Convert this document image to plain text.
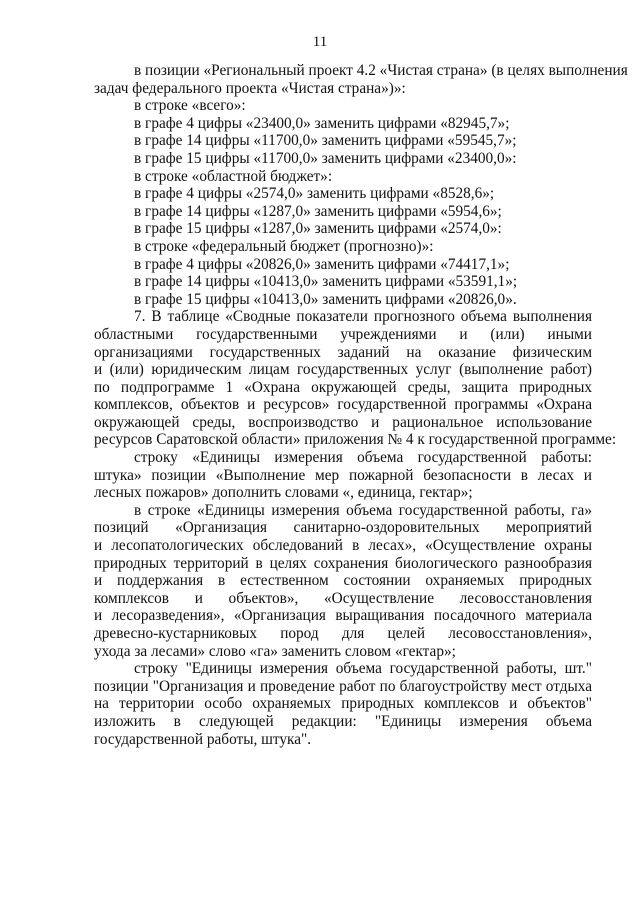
11
в позиции «Региональный проект 4.2 «Чистая страна» (в целях выполнения
задач федерального проекта «Чистая страна»)»:
в строке «всего»:
в графе 4 цифры «23400,0» заменить цифрами «82945,7»;
в графе 14 цифры «11700,0» заменить цифрами «59545,7»;
в графе 15 цифры «11700,0» заменить цифрами «23400,0»:
в строке «областной бюджет»:
в графе 4 цифры «2574,0» заменить цифрами «8528,6»;
в графе 14 цифры «1287,0» заменить цифрами «5954,6»;
в графе 15 цифры «1287,0» заменить цифрами «2574,0»:
в строке «федеральный бюджет (прогнозно)»:
в графе 4 цифры «20826,0» заменить цифрами «74417,1»;
в графе 14 цифры «10413,0» заменить цифрами «53591,1»;
в графе 15 цифры «10413,0» заменить цифрами «20826,0».
7. В таблице «Сводные показатели прогнозного объема выполнения
областными государственными учреждениями и (или) иными
организациями государственных заданий на оказание физическим
и (или) юридическим лицам государственных услуг (выполнение работ)
по подпрограмме 1 «Охрана окружающей среды, защита природных
комплексов, объектов и ресурсов» государственной программы «Охрана
окружающей среды, воспроизводство и рациональное использование
ресурсов Саратовской области» приложения № 4 к государственной программе:
строку «Единицы измерения объема государственной работы:
штука» позиции «Выполнение мер пожарной безопасности в лесах и
лесных пожаров» дополнить словами «, единица, гектар»;
в строке «Единицы измерения объема государственной работы, га»
позиций «Организация санитарно-оздоровительных мероприятий
и лесопатологических обследований в лесах», «Осуществление охраны
природных территорий в целях сохранения биологического разнообразия
и поддержания в естественном состоянии охраняемых природных
комплексов и объектов», «Осуществление лесовосстановления
и лесоразведения», «Организация выращивания посадочного материала
древесно-кустарниковых пород для целей лесовосстановления»,
ухода за лесами» слово «га» заменить словом «гектар»;
строку "Единицы измерения объема государственной работы, шт."
позиции "Организация и проведение работ по благоустройству мест отдыха
на территории особо охраняемых природных комплексов и объектов"
изложить в следующей редакции: "Единицы измерения объема
государственной работы, штука".
